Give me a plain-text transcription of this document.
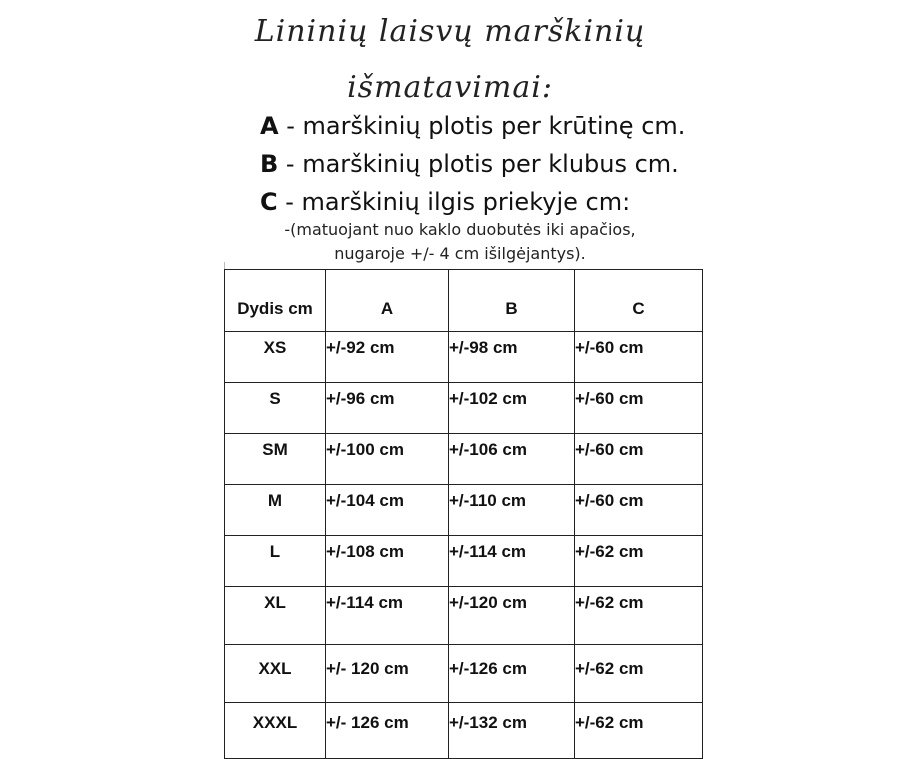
Lininių laisvų marškinių
išmatavimai:
A - marškinių plotis per krūtinę cm.
B - marškinių plotis per klubus cm.
C - marškinių ilgis priekyje cm:
-(matuojant nuo kaklo duobutės iki apačios,
nugaroje +/- 4 cm išilgėjantys).
Dydis cm	A	B	C
XS	+/-92 cm	+/-98 cm	+/-60 cm
S	+/-96 cm	+/-102 cm	+/-60 cm
SM	+/-100 cm	+/-106 cm	+/-60 cm
M	+/-104 cm	+/-110 cm	+/-60 cm
L	+/-108 cm	+/-114 cm	+/-62 cm
XL	+/-114 cm	+/-120 cm	+/-62 cm
XXL	+/- 120 cm	+/-126 cm	+/-62 cm
XXXL	+/- 126 cm	+/-132 cm	+/-62 cm
